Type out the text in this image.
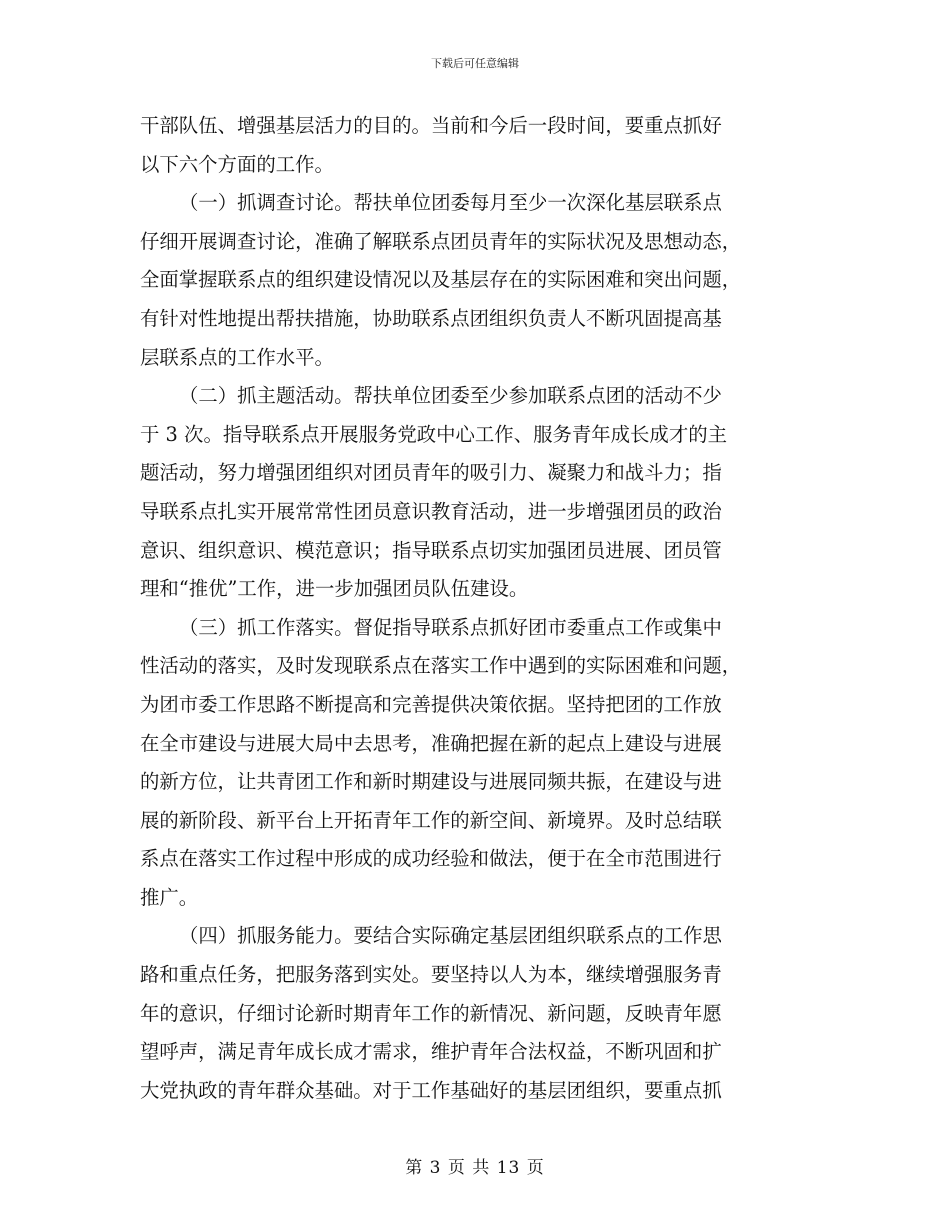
下载后可任意编辑
干部队伍、增强基层活力的目的。当前和今后一段时间，要重点抓好
以下六个方面的工作。
（一）抓调查讨论。帮扶单位团委每月至少一次深化基层联系点
仔细开展调查讨论，准确了解联系点团员青年的实际状况及思想动态，
全面掌握联系点的组织建设情况以及基层存在的实际困难和突出问题，
有针对性地提出帮扶措施，协助联系点团组织负责人不断巩固提高基
层联系点的工作水平。
（二）抓主题活动。帮扶单位团委至少参加联系点团的活动不少
于 3 次。指导联系点开展服务党政中心工作、服务青年成长成才的主
题活动，努力增强团组织对团员青年的吸引力、凝聚力和战斗力；指
导联系点扎实开展常常性团员意识教育活动，进一步增强团员的政治
意识、组织意识、模范意识；指导联系点切实加强团员进展、团员管
理和“推优”工作，进一步加强团员队伍建设。
（三）抓工作落实。督促指导联系点抓好团市委重点工作或集中
性活动的落实，及时发现联系点在落实工作中遇到的实际困难和问题，
为团市委工作思路不断提高和完善提供决策依据。坚持把团的工作放
在全市建设与进展大局中去思考，准确把握在新的起点上建设与进展
的新方位，让共青团工作和新时期建设与进展同频共振，在建设与进
展的新阶段、新平台上开拓青年工作的新空间、新境界。及时总结联
系点在落实工作过程中形成的成功经验和做法，便于在全市范围进行
推广。
（四）抓服务能力。要结合实际确定基层团组织联系点的工作思
路和重点任务，把服务落到实处。要坚持以人为本，继续增强服务青
年的意识，仔细讨论新时期青年工作的新情况、新问题，反映青年愿
望呼声，满足青年成长成才需求，维护青年合法权益，不断巩固和扩
大党执政的青年群众基础。对于工作基础好的基层团组织，要重点抓
第 3 页 共 13 页
